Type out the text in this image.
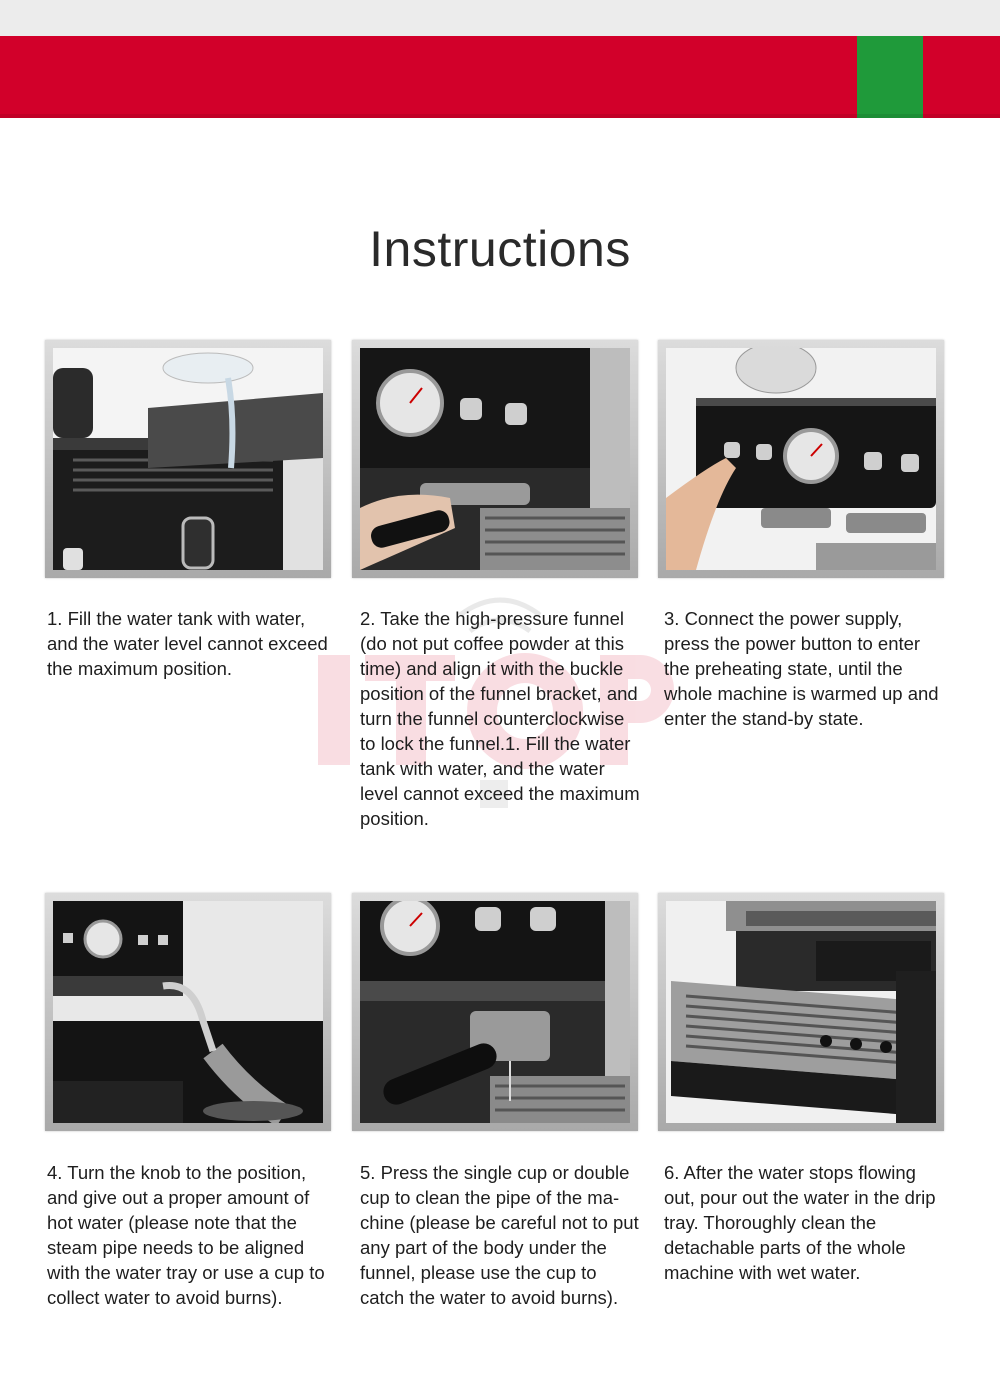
Instructions

1. Fill the water tank with water, and the water level cannot exceed the maximum position.

2. Take the high-pressure funnel (do not put coffee powder at this time) and align it with the buckle position of the funnel bracket, and turn the funnel counterclockwise to lock the funnel.1. Fill the water tank with water, and the water level cannot exceed the maximum position.

3. Connect the power supply, press the power button to enter the preheating state, until the whole machine is warmed up and enter the stand-by state.

4. Turn the knob to the position, and give out a proper amount of hot water (please note that the steam pipe needs to be aligned with the water tray or use a cup to collect water to avoid burns).

5. Press the single cup or double cup to clean the pipe of the ma-chine (please be careful not to put any part of the body under the funnel, please use the cup to catch the water to avoid burns).

6. After the water stops flowing out, pour out the water in the drip tray. Thoroughly clean the detachable parts of the whole machine with wet water.
